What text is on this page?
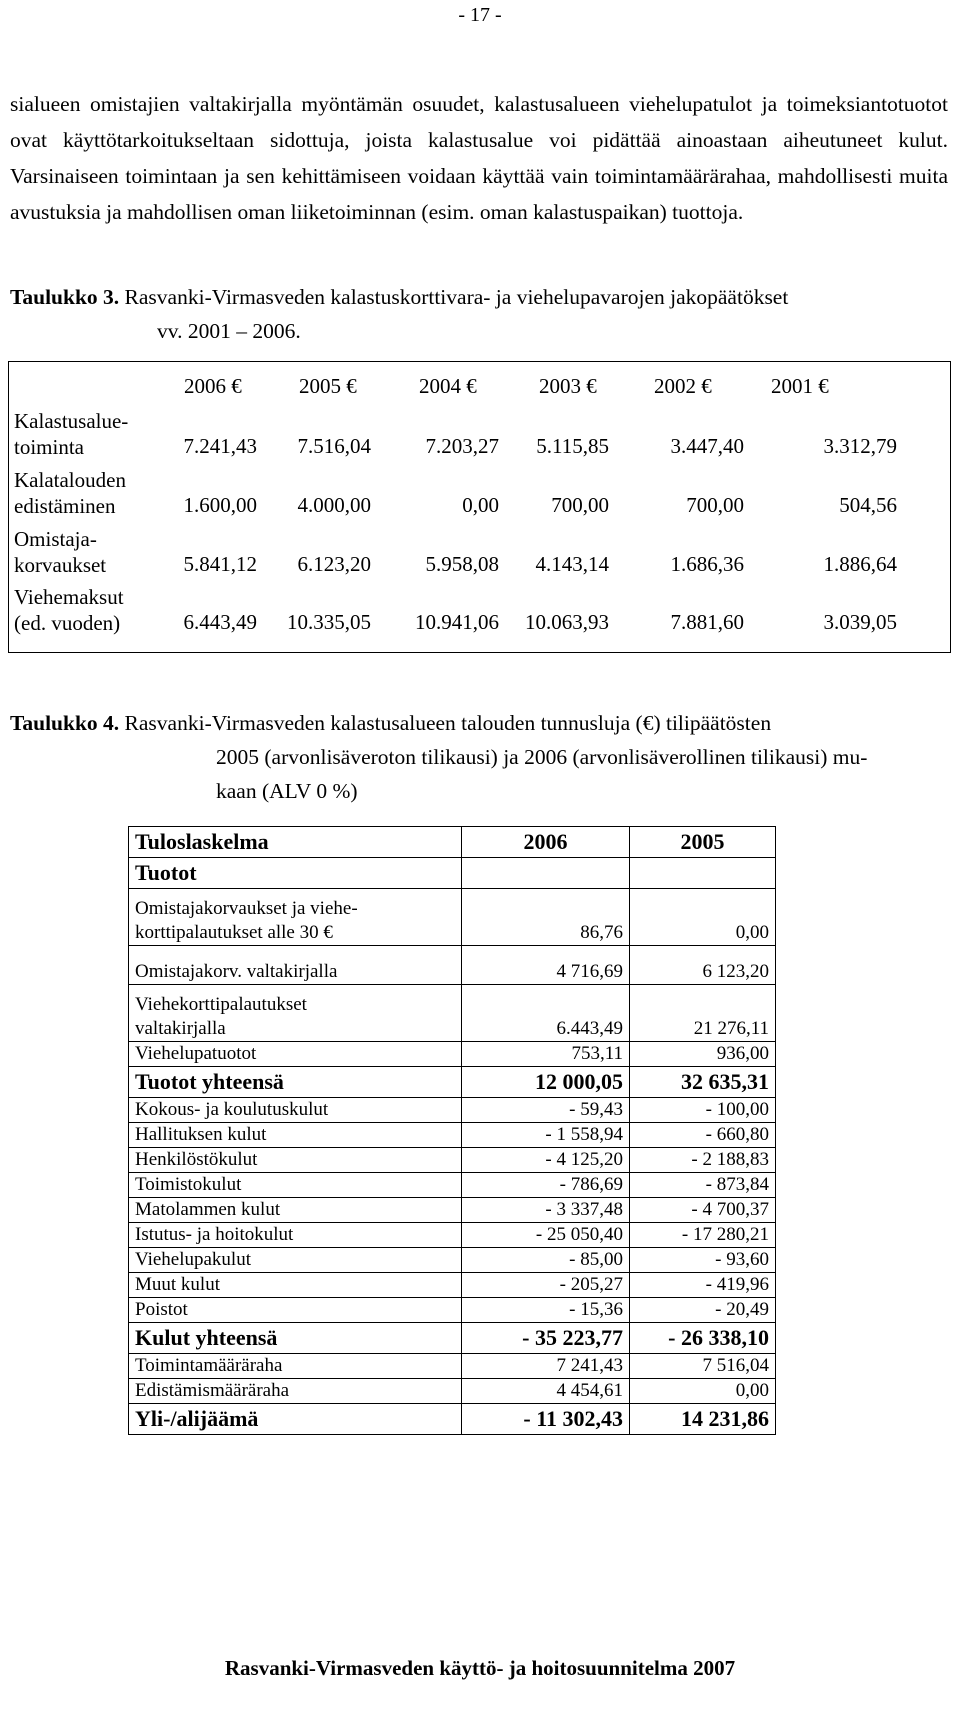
- 17 -
sialueen omistajien valtakirjalla myöntämän osuudet, kalastusalueen viehelupatulot ja toimeksiantotuotot ovat käyttötarkoitukseltaan sidottuja, joista kalastusalue voi pidättää ainoastaan aiheutuneet kulut. Varsinaiseen toimintaan ja sen kehittämiseen voidaan käyttää vain toimintamäärärahaa, mahdollisesti muita avustuksia ja mahdollisen oman liiketoiminnan (esim. oman kalastuspaikan) tuottoja.
Taulukko 3. Rasvanki-Virmasveden kalastuskorttivara- ja viehelupavarojen jakopäätökset
vv. 2001 – 2006.
2006 €	2005 €	2004 €	2003 €	2002 €	2001 €
Kalastusalue-
toiminta	7.241,43	7.516,04	7.203,27	5.115,85	3.447,40	3.312,79
Kalatalouden
edistäminen	1.600,00	4.000,00	0,00	700,00	700,00	504,56
Omistaja-
korvaukset	5.841,12	6.123,20	5.958,08	4.143,14	1.686,36	1.886,64
Viehemaksut
(ed. vuoden)	6.443,49	10.335,05	10.941,06	10.063,93	7.881,60	3.039,05
Taulukko 4. Rasvanki-Virmasveden kalastusalueen talouden tunnusluja (€) tilipäätösten
2005 (arvonlisäveroton tilikausi) ja 2006 (arvonlisäverollinen tilikausi) mu-
kaan (ALV 0 %)
Tuloslaskelma	2006	2005
Tuotot		

Omistajakorvaukset ja viehe-
korttipalautukset alle 30 €	86,76	0,00
Omistajakorv. valtakirjalla	4 716,69	6 123,20

Viehekorttipalautukset
valtakirjalla	6.443,49	21 276,11
Viehelupatuotot	753,11	936,00
Tuotot yhteensä	12 000,05	32 635,31
Kokous- ja koulutuskulut	- 59,43	- 100,00
Hallituksen kulut	- 1 558,94	- 660,80
Henkilöstökulut	- 4 125,20	- 2 188,83
Toimistokulut	- 786,69	- 873,84
Matolammen kulut	- 3 337,48	- 4 700,37
Istutus- ja hoitokulut	- 25 050,40	- 17 280,21
Viehelupakulut	- 85,00	- 93,60
Muut kulut	- 205,27	- 419,96
Poistot	- 15,36	- 20,49
Kulut yhteensä	- 35 223,77	- 26 338,10
Toimintamääräraha	7 241,43	7 516,04
Edistämismääräraha	4 454,61	0,00
Yli-/alijäämä	- 11 302,43	14 231,86
Rasvanki-Virmasveden käyttö- ja hoitosuunnitelma 2007
